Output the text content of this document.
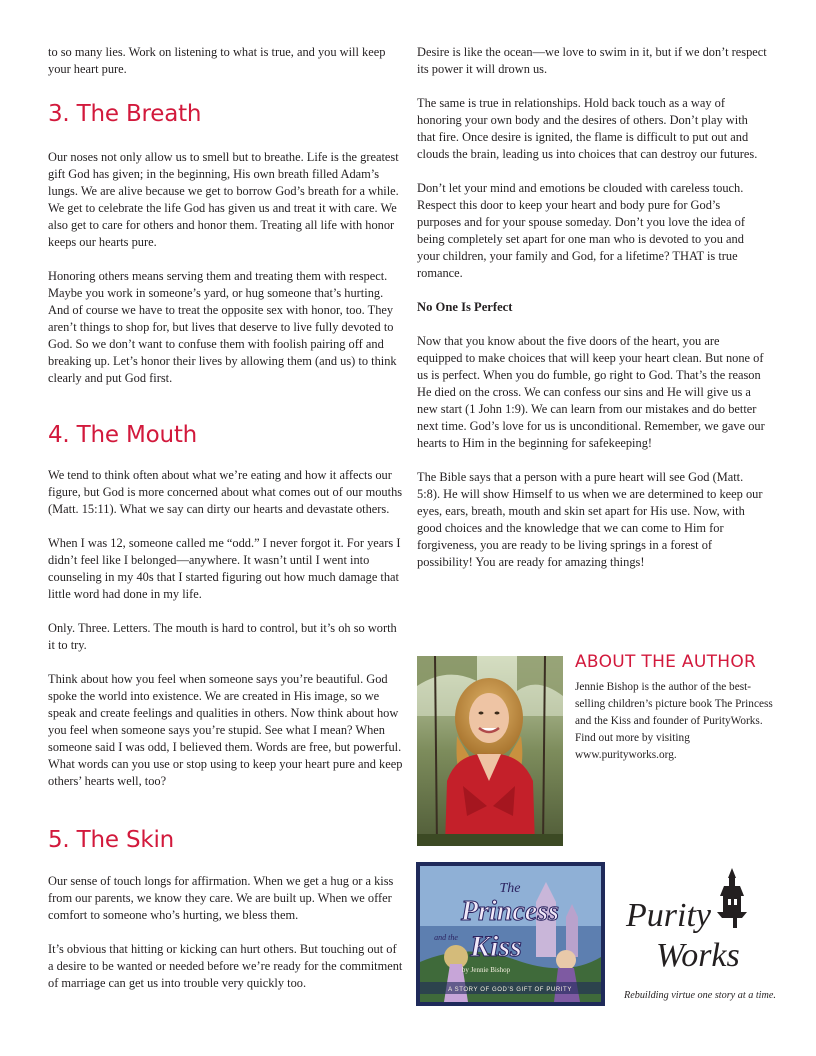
to so many lies. Work on listening to what is true, and you will keep your heart pure.

3. The Breath

Our noses not only allow us to smell but to breathe. Life is the greatest gift God has given; in the beginning, His own breath filled Adam’s lungs. We are alive because we get to borrow God’s breath for a while. We get to celebrate the life God has given us and treat it with care. We also get to care for others and honor them. Treating all life with honor keeps our hearts pure.

Honoring others means serving them and treating them with respect. Maybe you work in someone’s yard, or hug someone that’s hurting. And of course we have to treat the opposite sex with honor, too. They aren’t things to shop for, but lives that deserve to live fully devoted to God. So we don’t want to confuse them with foolish pairing off and breaking up. Let’s honor their lives by allowing them (and us) to think clearly and put God first.

4. The Mouth

We tend to think often about what we’re eating and how it affects our figure, but God is more concerned about what comes out of our mouths (Matt. 15:11). What we say can dirty our hearts and devastate others.

When I was 12, someone called me “odd.” I never forgot it. For years I didn’t feel like I belonged—anywhere. It wasn’t until I went into counseling in my 40s that I started figuring out how much damage that little word had done in my life.

Only. Three. Letters. The mouth is hard to control, but it’s oh so worth it to try.

Think about how you feel when someone says you’re beautiful. God spoke the world into existence. We are created in His image, so we speak and create feelings and qualities in others. Now think about how you feel when someone says you’re stupid. See what I mean? When someone said I was odd, I believed them. Words are free, but powerful. What words can you use or stop using to keep your heart pure and keep others’ hearts well, too?

5. The Skin

Our sense of touch longs for affirmation. When we get a hug or a kiss from our parents, we know they care. We are built up. When we offer comfort to someone who’s hurting, we bless them.

It’s obvious that hitting or kicking can hurt others. But touching out of a desire to be wanted or needed before we’re ready for the commitment of marriage can get us into trouble very quickly too.

Desire is like the ocean—we love to swim in it, but if we don’t respect its power it will drown us.

The same is true in relationships. Hold back touch as a way of honoring your own body and the desires of others. Don’t play with that fire. Once desire is ignited, the flame is difficult to put out and clouds the brain, leading us into choices that can destroy our futures.

Don’t let your mind and emotions be clouded with careless touch. Respect this door to keep your heart and body pure for God’s purposes and for your spouse someday. Don’t you love the idea of being completely set apart for one man who is devoted to you and your children, your family and God, for a lifetime? THAT is true romance.

No One Is Perfect

Now that you know about the five doors of the heart, you are equipped to make choices that will keep your heart clean. But none of us is perfect. When you do fumble, go right to God. That’s the reason He died on the cross. We can confess our sins and He will give us a new start (1 John 1:9). We can learn from our mistakes and do better next time. God’s love for us is unconditional. Remember, we gave our hearts to Him in the beginning for safekeeping!

The Bible says that a person with a pure heart will see God (Matt. 5:8). He will show Himself to us when we are determined to keep our eyes, ears, breath, mouth and skin set apart for His use. Now, with good choices and the knowledge that we can come to Him for forgiveness, you are ready to be living springs in a forest of possibility! You are ready for amazing things!

ABOUT THE AUTHOR

Jennie Bishop is the author of the best-selling children’s picture book The Princess and the Kiss and founder of PurityWorks. Find out more by visiting www.purityworks.org.

The
Princess
and the Kiss
by Jennie Bishop
A STORY OF GOD’S GIFT OF PURITY
Purity
Works
Rebuilding virtue one story at a time.
